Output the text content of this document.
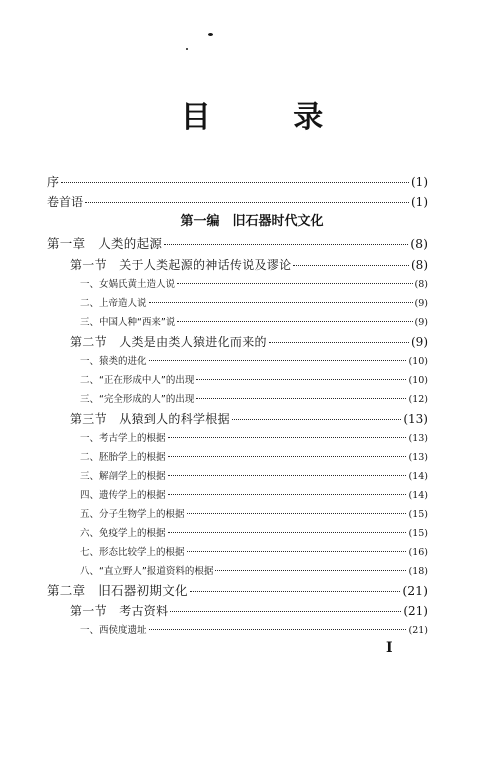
目 录
序	(1)
卷首语	(1)
第一编　旧石器时代文化
第一章　人类的起源	(8)
第一节　关于人类起源的神话传说及谬论	(8)
一、女娲氏黄土造人说	(8)
二、上帝造人说	(9)
三、中国人种“西来”说	(9)
第二节　人类是由类人猿进化而来的	(9)
一、猿类的进化	(10)
二、“正在形成中人”的出现	(10)
三、“完全形成的人”的出现	(12)
第三节　从猿到人的科学根据	(13)
一、考古学上的根据	(13)
二、胚胎学上的根据	(13)
三、解剖学上的根据	(14)
四、遗传学上的根据	(14)
五、分子生物学上的根据	(15)
六、免疫学上的根据	(15)
七、形态比较学上的根据	(16)
八、“直立野人”报道资料的根据	(18)
第二章　旧石器初期文化	(21)
第一节　考古资料	(21)
一、西侯度遗址	(21)
I
